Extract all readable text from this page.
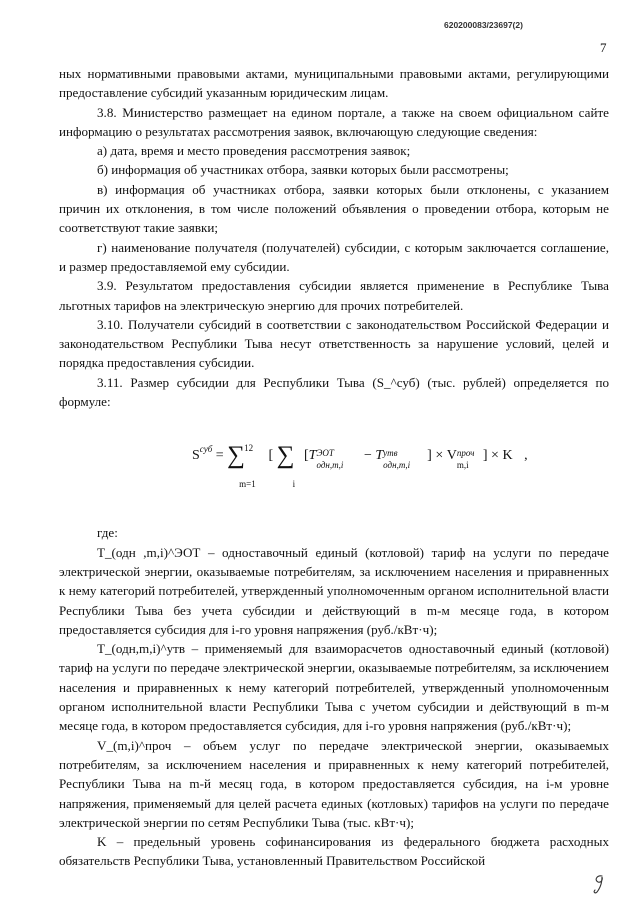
620200083/23697(2)
7

ных нормативными правовыми актами, муниципальными правовыми актами, регулирующими предоставление субсидий указанным юридическим лицам.

3.8. Министерство размещает на едином портале, а также на своем официальном сайте информацию о результатах рассмотрения заявок, включающую следующие сведения:

а) дата, время и место проведения рассмотрения заявок;

б) информация об участниках отбора, заявки которых были рассмотрены;

в) информация об участниках отбора, заявки которых были отклонены, с указанием причин их отклонения, в том числе положений объявления о проведении отбора, которым не соответствуют такие заявки;

г) наименование получателя (получателей) субсидии, с которым заключается соглашение, и размер предоставляемой ему субсидии.

3.9. Результатом предоставления субсидии является применение в Республике Тыва льготных тарифов на электрическую энергию для прочих потребителей.

3.10. Получатели субсидий в соответствии с законодательством Российской Федерации и законодательством Республики Тыва несут ответственность за нарушение условий, целей и порядка предоставления субсидии.

3.11. Размер субсидии для Республики Тыва (S_^суб) (тыс. рублей) определяется по формуле:

$S^{суб}$ = ∑ 12
m=1
[ ∑
i
[T ЭОТ
одн,m,i
− T утв
одн,m,i
] × V проч
m,i
] × K ,

где:

T_(одн ,m,i)^ЭОТ – одноставочный единый (котловой) тариф на услуги по передаче электрической энергии, оказываемые потребителям, за исключением населения и приравненных к нему категорий потребителей, утвержденный уполномоченным органом исполнительной власти Республики Тыва без учета субсидии и действующий в m-м месяце года, в котором предоставляется субсидия для i-го уровня напряжения (руб./кВт·ч);

T_(одн,m,i)^утв – применяемый для взаиморасчетов одноставочный единый (котловой) тариф на услуги по передаче электрической энергии, оказываемые потребителям, за исключением населения и приравненных к нему категорий потребителей, утвержденный уполномоченным органом исполнительной власти Республики Тыва с учетом субсидии и действующий в m-м месяце года, в котором предоставляется субсидия, для i-го уровня напряжения (руб./кВт·ч);

V_(m,i)^проч – объем услуг по передаче электрической энергии, оказываемых потребителям, за исключением населения и приравненных к нему категорий потребителей, Республики Тыва на m-й месяц года, в котором предоставляется субсидия, на i-м уровне напряжения, применяемый для целей расчета единых (котловых) тарифов на услуги по передаче электрической энергии по сетям Республики Тыва (тыс. кВт·ч);

K – предельный уровень софинансирования из федерального бюджета расходных обязательств Республики Тыва, установленный Правительством Российской
